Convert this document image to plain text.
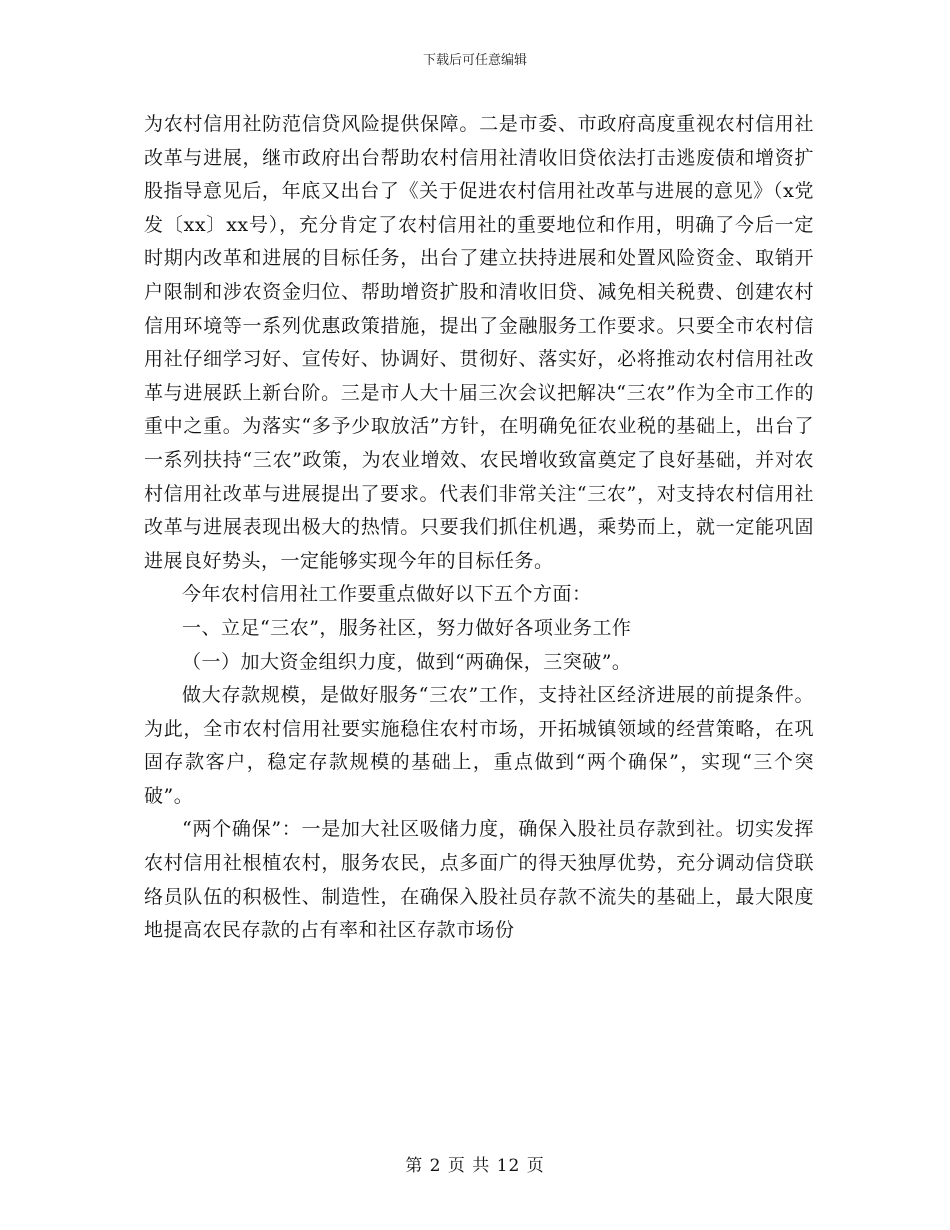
下载后可任意编辑

为农村信用社防范信贷风险提供保障。二是市委、市政府高度重视农村信用社改革与进展，继市政府出台帮助农村信用社清收旧贷依法打击逃废债和增资扩股指导意见后，年底又出台了《关于促进农村信用社改革与进展的意见》（x党发〔xx〕xx号），充分肯定了农村信用社的重要地位和作用，明确了今后一定时期内改革和进展的目标任务，出台了建立扶持进展和处置风险资金、取销开户限制和涉农资金归位、帮助增资扩股和清收旧贷、减免相关税费、创建农村信用环境等一系列优惠政策措施，提出了金融服务工作要求。只要全市农村信用社仔细学习好、宣传好、协调好、贯彻好、落实好，必将推动农村信用社改革与进展跃上新台阶。三是市人大十届三次会议把解决“三农”作为全市工作的重中之重。为落实“多予少取放活”方针，在明确免征农业税的基础上，出台了一系列扶持“三农”政策，为农业增效、农民增收致富奠定了良好基础，并对农村信用社改革与进展提出了要求。代表们非常关注“三农”，对支持农村信用社改革与进展表现出极大的热情。只要我们抓住机遇，乘势而上，就一定能巩固进展良好势头，一定能够实现今年的目标任务。

今年农村信用社工作要重点做好以下五个方面：

一、立足“三农”，服务社区，努力做好各项业务工作

（一）加大资金组织力度，做到“两确保，三突破”。

做大存款规模，是做好服务“三农”工作，支持社区经济进展的前提条件。为此，全市农村信用社要实施稳住农村市场，开拓城镇领域的经营策略，在巩固存款客户，稳定存款规模的基础上，重点做到“两个确保”，实现“三个突破”。

“两个确保”：一是加大社区吸储力度，确保入股社员存款到社。切实发挥农村信用社根植农村，服务农民，点多面广的得天独厚优势，充分调动信贷联络员队伍的积极性、制造性，在确保入股社员存款不流失的基础上，最大限度地提高农民存款的占有率和社区存款市场份

第 2 页 共 12 页
